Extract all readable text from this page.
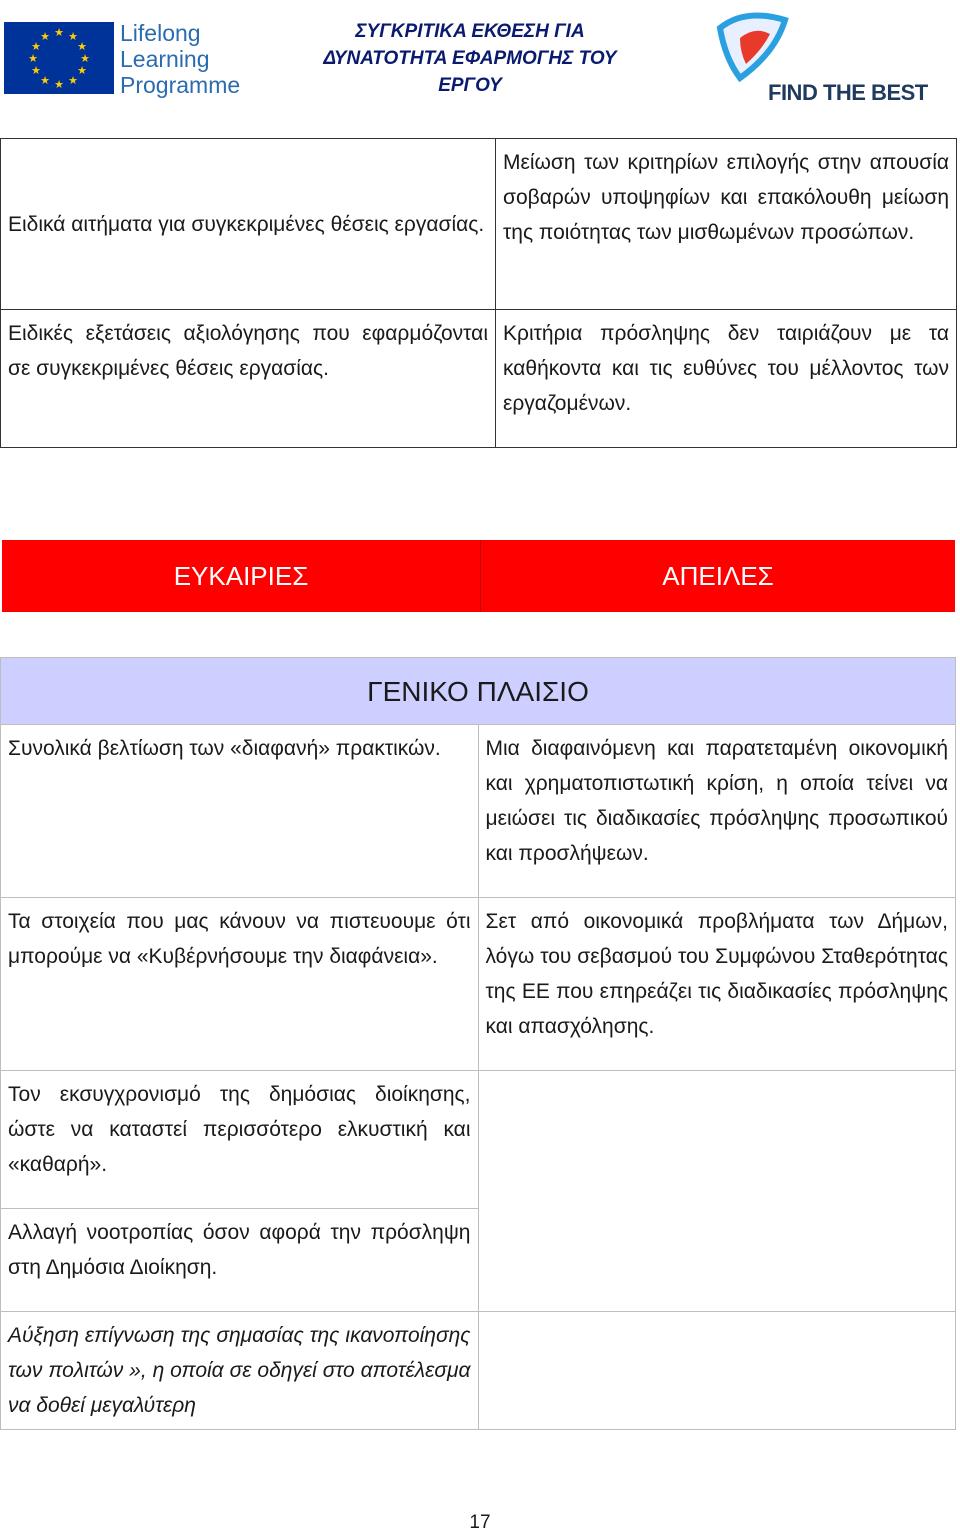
★ ★
★
★
★
★
★
★
★
★
★
★	Lifelong
Learning
Programme
ΣΥΓΚΡΙΤΙΚΑ ΕΚΘΕΣΗ ΓΙΑ
ΔΥΝΑΤΟΤΗΤΑ ΕΦΑΡΜΟΓΗΣ ΤΟΥ
ΕΡΓΟΥ	FIND THE BEST
Ειδικά αιτήματα για συγκεκριμένες θέσεις εργασίας.	Μείωση των κριτηρίων επιλογής στην απουσία σοβαρών υποψηφίων και επακόλουθη μείωση της ποιότητας των μισθωμένων προσώπων.
Ειδικές εξετάσεις αξιολόγησης που εφαρμόζονται σε συγκεκριμένες θέσεις εργασίας.	Κριτήρια πρόσληψης δεν ταιριάζουν με τα καθήκοντα και τις ευθύνες του μέλλοντος των εργαζομένων.
ΕΥΚΑΙΡΙΕΣ	ΑΠΕΙΛΕΣ
ΓΕΝΙΚΟ ΠΛΑΙΣΙΟ	
Συνολικά βελτίωση των «διαφανή» πρακτικών.	Μια διαφαινόμενη και παρατεταμένη οικονομική και χρηματοπιστωτική κρίση, η οποία τείνει να μειώσει τις διαδικασίες πρόσληψης προσωπικού και προσλήψεων.
Τα στοιχεία που μας κάνουν να πιστευουμε ότι μπορούμε να «Κυβέρνήσουμε την διαφάνεια».	Σετ από οικονομικά προβλήματα των Δήμων, λόγω του σεβασμού του Συμφώνου Σταθερότητας της ΕΕ που επηρεάζει τις διαδικασίες πρόσληψης και απασχόλησης.
Τον εκσυγχρονισμό της δημόσιας διοίκησης, ώστε να καταστεί περισσότερο ελκυστική και «καθαρή».	
Αλλαγή νοοτροπίας όσον αφορά την πρόσληψη στη Δημόσια Διοίκηση.	
Αύξηση επίγνωση της σημασίας της ικανοποίησης των πολιτών », η οποία σε οδηγεί στο αποτέλεσμα να δοθεί μεγαλύτερη	
17
